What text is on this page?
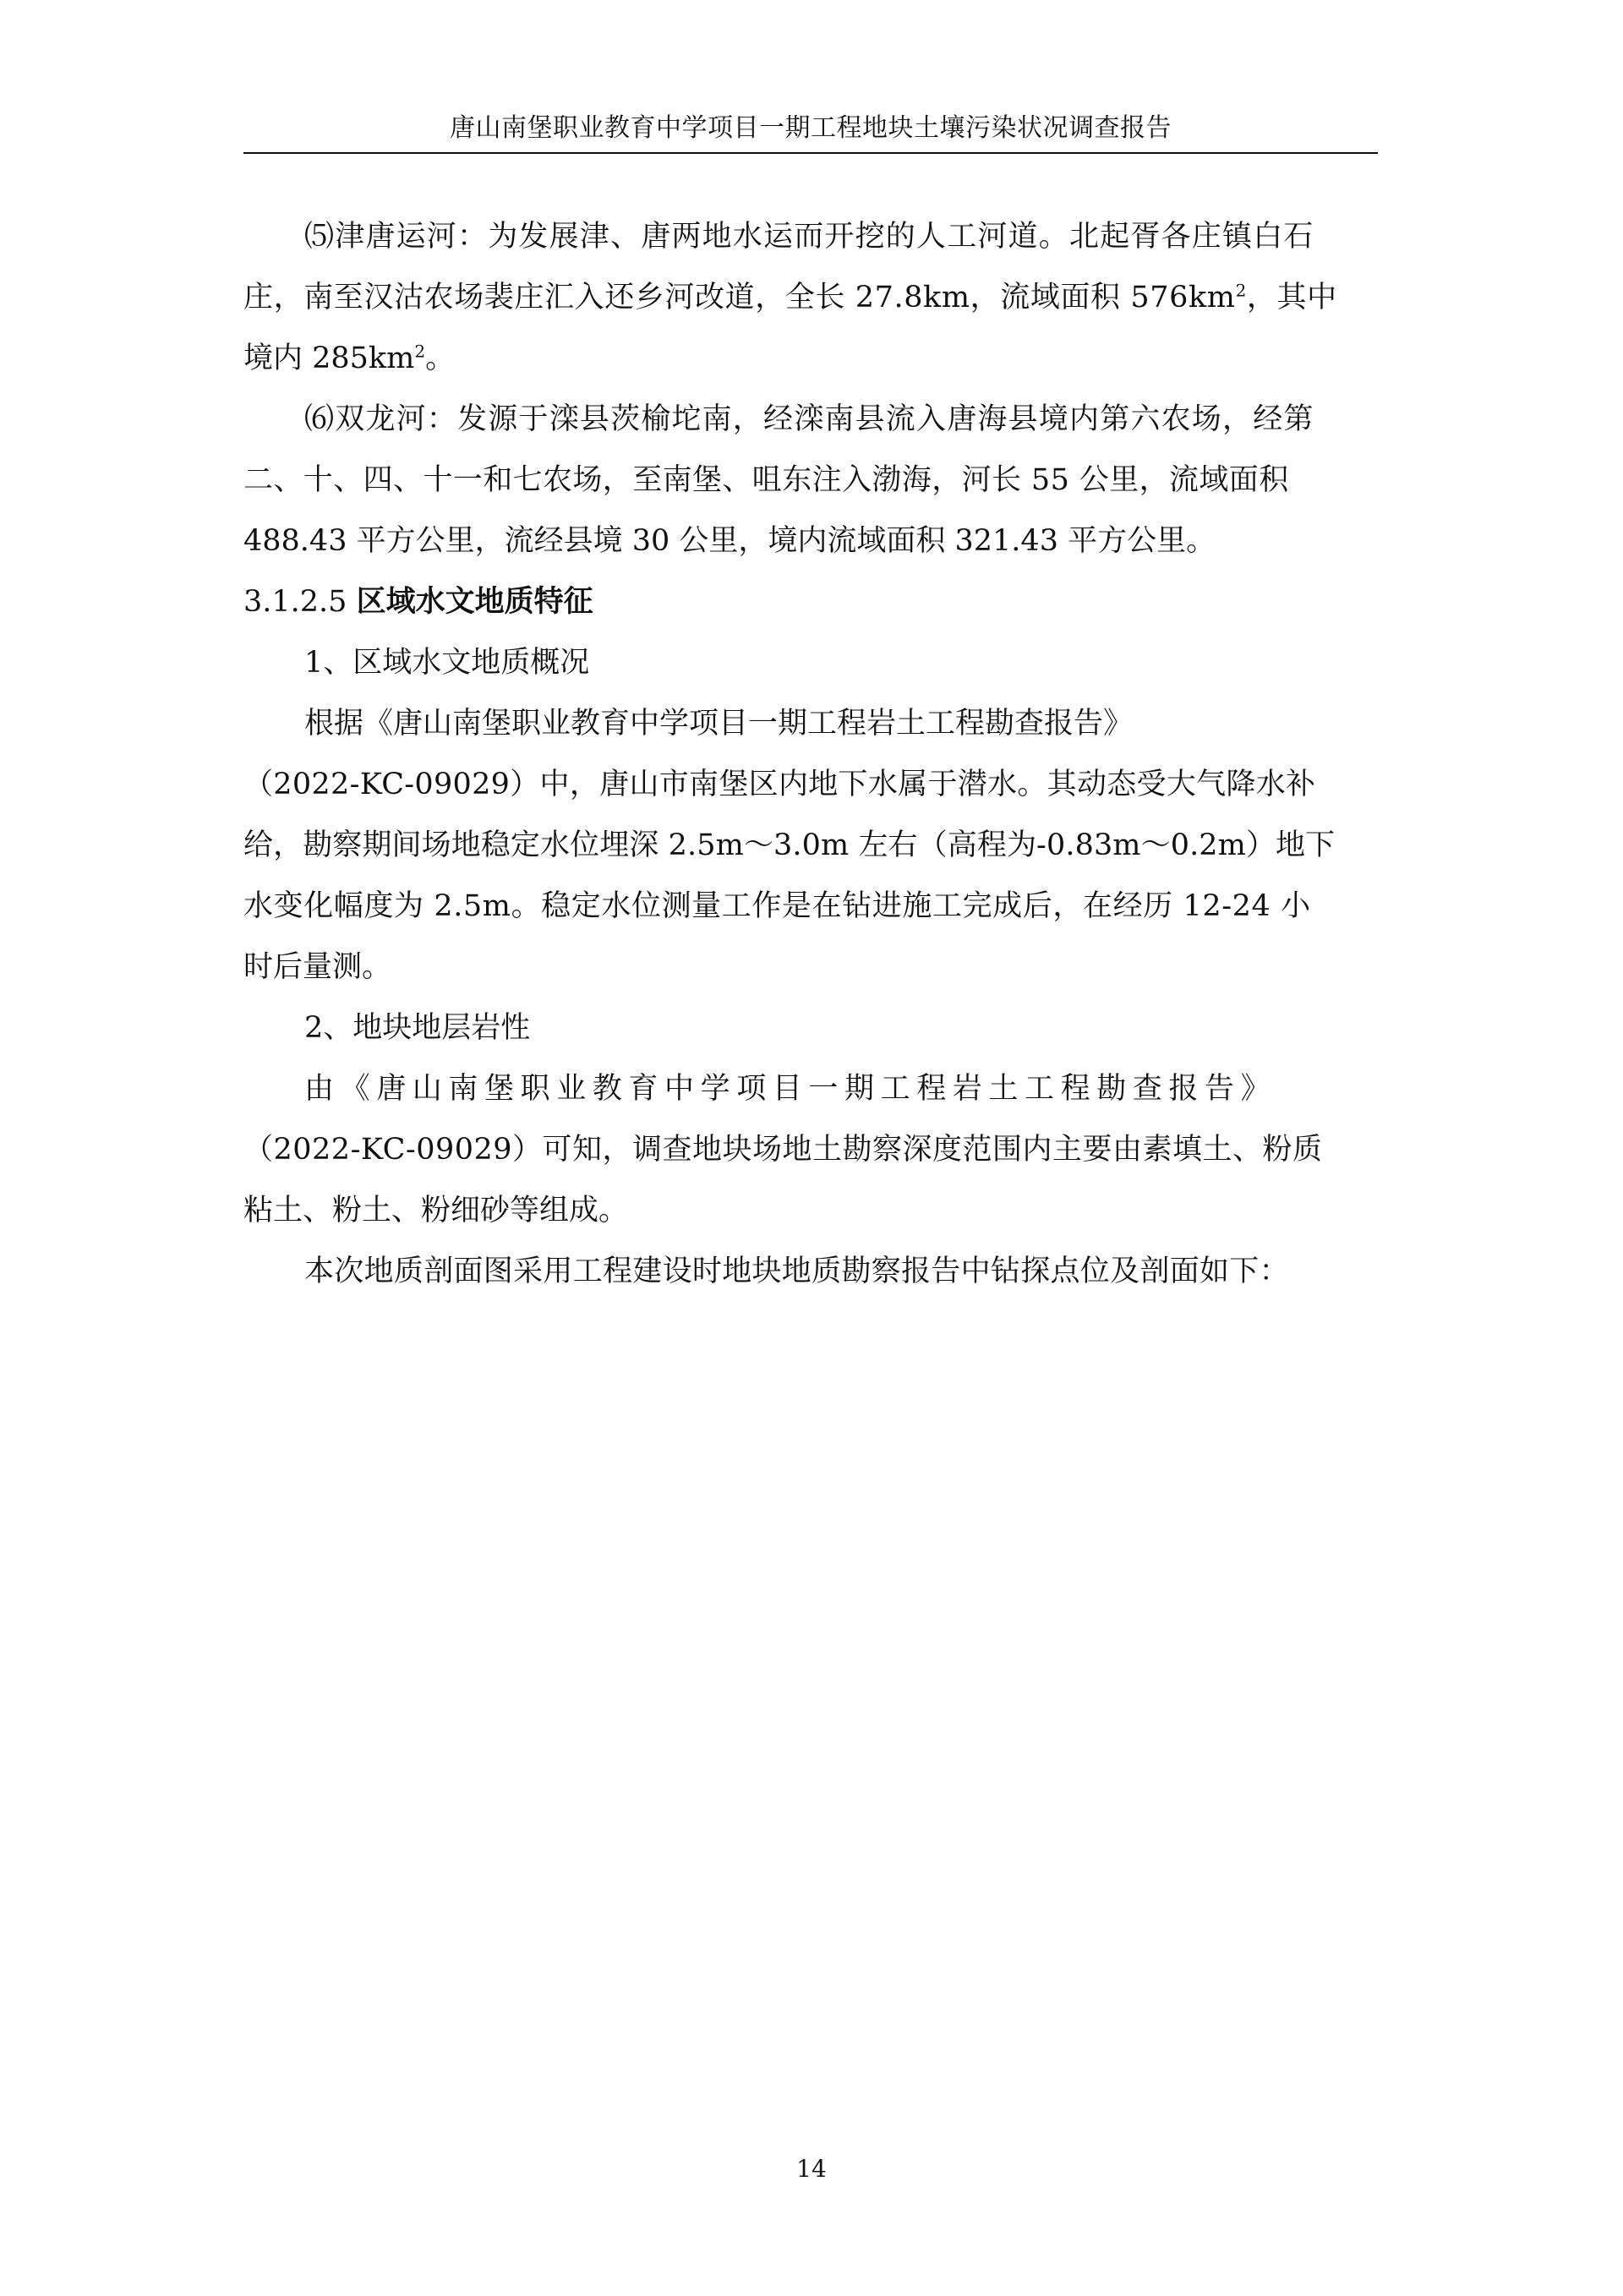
唐山南堡职业教育中学项目一期工程地块土壤污染状况调查报告
⑸津唐运河：为发展津、唐两地水运而开挖的人工河道。北起胥各庄镇白石
庄，南至汉沽农场裴庄汇入还乡河改道，全长 27.8km，流域面积 $576km^2$，其中
境内 $285km^2$。
⑹双龙河：发源于滦县茨榆坨南，经滦南县流入唐海县境内第六农场，经第
二、十、四、十一和七农场，至南堡、咀东注入渤海，河长 55 公里，流域面积
488.43 平方公里，流经县境 30 公里，境内流域面积 321.43 平方公里。
3.1.2.5 区域水文地质特征
1、区域水文地质概况
根据《唐山南堡职业教育中学项目一期工程岩土工程勘查报告》
（2022-KC-09029）中，唐山市南堡区内地下水属于潜水。其动态受大气降水补
给，勘察期间场地稳定水位埋深 2.5m～3.0m 左右（高程为-0.83m～0.2m）地下
水变化幅度为 2.5m。稳定水位测量工作是在钻进施工完成后，在经历 12-24 小
时后量测。
2、地块地层岩性
由《唐山南堡职业教育中学项目一期工程岩土工程勘查报告》
（2022-KC-09029）可知，调查地块场地土勘察深度范围内主要由素填土、粉质
粘土、粉土、粉细砂等组成。
本次地质剖面图采用工程建设时地块地质勘察报告中钻探点位及剖面如下：
14
